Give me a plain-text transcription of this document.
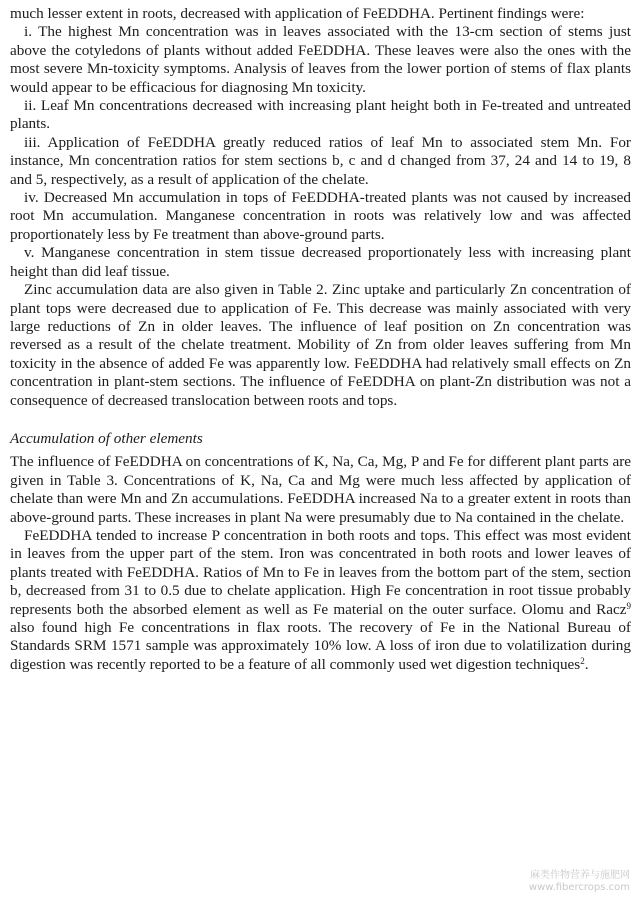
much lesser extent in roots, decreased with application of FeEDDHA. Pertinent findings were:

i. The highest Mn concentration was in leaves associated with the 13-cm section of stems just above the cotyledons of plants without added FeEDDHA. These leaves were also the ones with the most severe Mn-toxicity symptoms. Analysis of leaves from the lower portion of stems of flax plants would appear to be efficacious for diagnosing Mn toxicity.

ii. Leaf Mn concentrations decreased with increasing plant height both in Fe-treated and untreated plants.

iii. Application of FeEDDHA greatly reduced ratios of leaf Mn to associated stem Mn. For instance, Mn concentration ratios for stem sections b, c and d changed from 37, 24 and 14 to 19, 8 and 5, respectively, as a result of application of the chelate.

iv. Decreased Mn accumulation in tops of FeEDDHA-treated plants was not caused by increased root Mn accumulation. Manganese concentration in roots was relatively low and was affected proportionately less by Fe treatment than above-ground parts.

v. Manganese concentration in stem tissue decreased proportionately less with increasing plant height than did leaf tissue.

Zinc accumulation data are also given in Table 2. Zinc uptake and particularly Zn concentration of plant tops were decreased due to application of Fe. This decrease was mainly associated with very large reductions of Zn in older leaves. The influence of leaf position on Zn concentration was reversed as a result of the chelate treatment. Mobility of Zn from older leaves suffering from Mn toxicity in the absence of added Fe was apparently low. FeEDDHA had relatively small effects on Zn concentration in plant-stem sections. The influence of FeEDDHA on plant-Zn distribution was not a consequence of decreased translocation between roots and tops.

Accumulation of other elements

The influence of FeEDDHA on concentrations of K, Na, Ca, Mg, P and Fe for different plant parts are given in Table 3. Concentrations of K, Na, Ca and Mg were much less affected by application of chelate than were Mn and Zn accumulations. FeEDDHA increased Na to a greater extent in roots than above-ground parts. These increases in plant Na were presumably due to Na contained in the chelate.

FeEDDHA tended to increase P concentration in both roots and tops. This effect was most evident in leaves from the upper part of the stem. Iron was concentrated in both roots and lower leaves of plants treated with FeEDDHA. Ratios of Mn to Fe in leaves from the bottom part of the stem, section b, decreased from 31 to 0.5 due to chelate application. High Fe concentration in root tissue probably represents both the absorbed element as well as Fe material on the outer surface. Olomu and Racz$^9$ also found high Fe concentrations in flax roots. The recovery of Fe in the National Bureau of Standards SRM 1571 sample was approximately 10% low. A loss of iron due to volatilization during digestion was recently reported to be a feature of all commonly used wet digestion techniques$^2$.

麻类作物营养与施肥网
www.fibercrops.com
